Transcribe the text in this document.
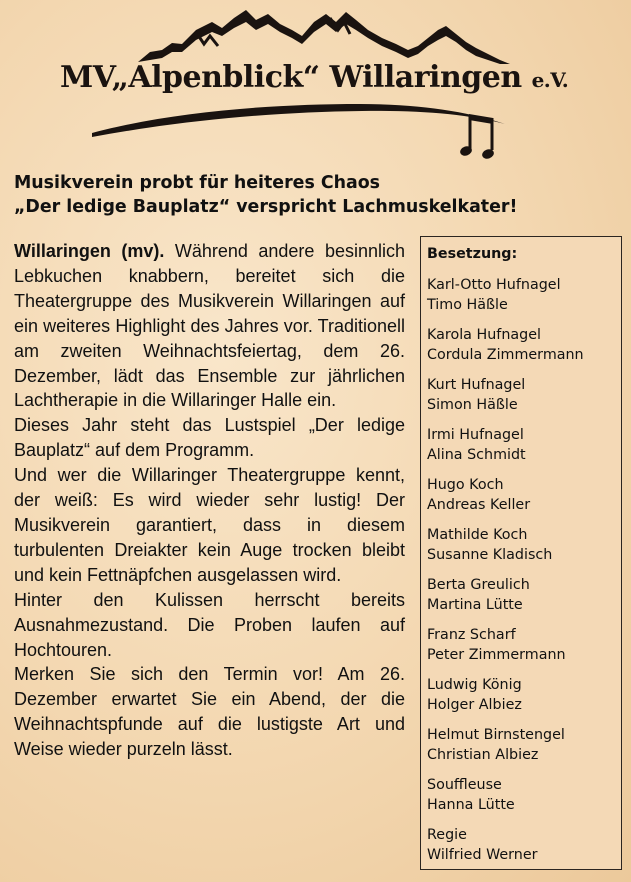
MV„Alpenblick“ Willaringen e.V.
Musikverein probt für heiteres Chaos
„Der ledige Bauplatz“ verspricht Lachmuskelkater!

Willaringen (mv). Während andere besinnlich Lebkuchen knabbern, bereitet sich die Theatergruppe des Musikverein Willaringen auf ein weiteres Highlight des Jahres vor. Traditionell am zweiten Weihnachtsfeiertag, dem 26. Dezember, lädt das Ensemble zur jährlichen Lachtherapie in die Willaringer Halle ein.

Dieses Jahr steht das Lustspiel „Der ledige Bauplatz“ auf dem Programm.

Und wer die Willaringer Theatergruppe kennt, der weiß: Es wird wieder sehr lustig! Der Musikverein garantiert, dass in diesem turbulenten Dreiakter kein Auge trocken bleibt und kein Fettnäpfchen ausgelassen wird.

Hinter den Kulissen herrscht bereits Ausnahmezustand. Die Proben laufen auf Hochtouren.

Merken Sie sich den Termin vor! Am 26. Dezember erwartet Sie ein Abend, der die Weihnachtspfunde auf die lustigste Art und Weise wieder purzeln lässt.

Besetzung:
Karl-Otto Hufnagel
Timo Häßle
Karola Hufnagel
Cordula Zimmermann
Kurt Hufnagel
Simon Häßle
Irmi Hufnagel
Alina Schmidt
Hugo Koch
Andreas Keller
Mathilde Koch
Susanne Kladisch
Berta Greulich
Martina Lütte
Franz Scharf
Peter Zimmermann
Ludwig König
Holger Albiez
Helmut Birnstengel
Christian Albiez
Souffleuse
Hanna Lütte
Regie
Wilfried Werner
